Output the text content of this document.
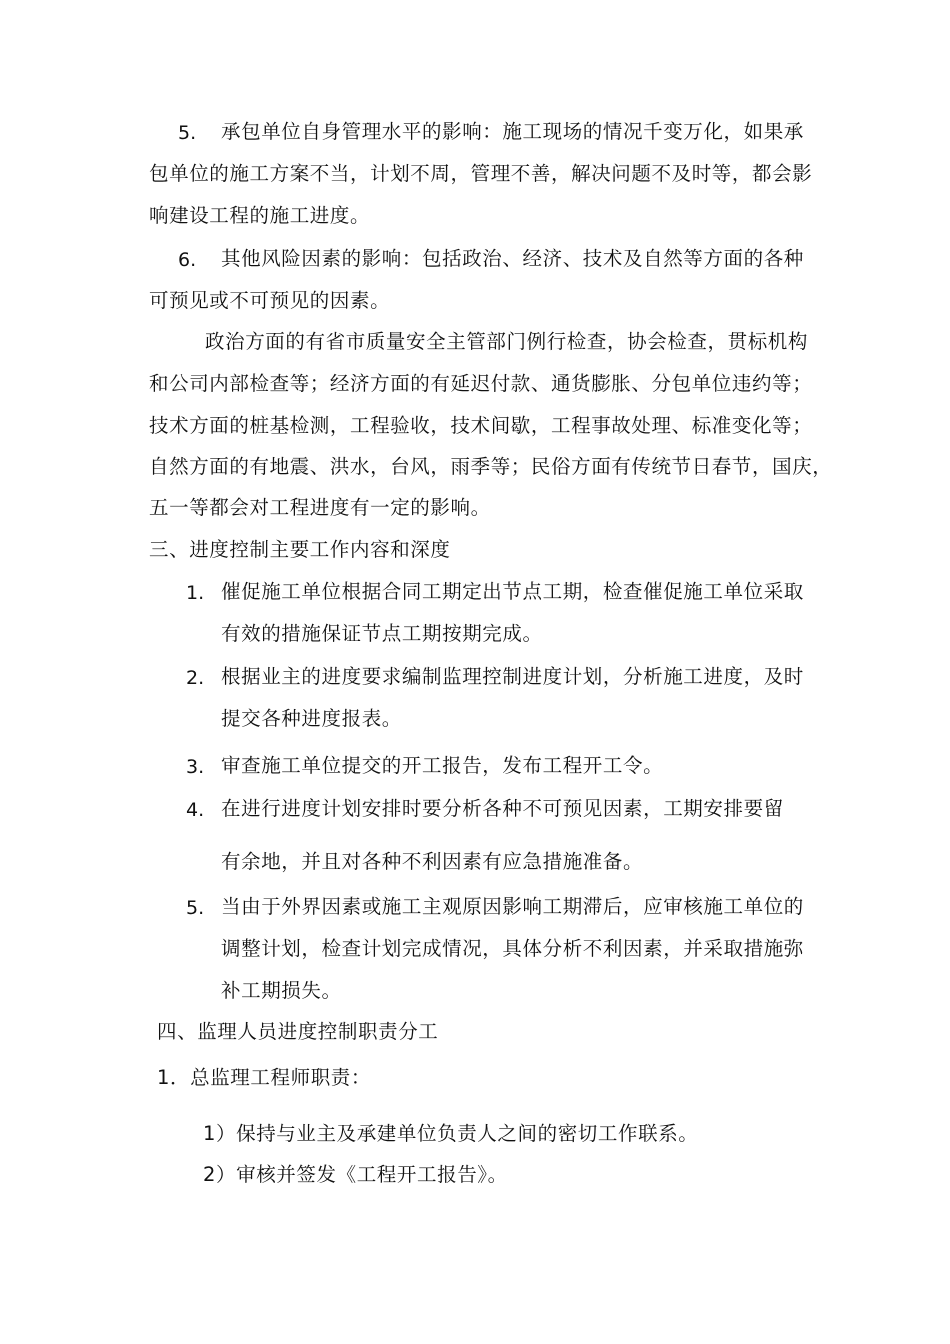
5. 承包单位自身管理水平的影响：施工现场的情况千变万化，如果承
包单位的施工方案不当，计划不周，管理不善，解决问题不及时等，都会影
响建设工程的施工进度。
6. 其他风险因素的影响：包括政治、经济、技术及自然等方面的各种
可预见或不可预见的因素。
政治方面的有省市质量安全主管部门例行检查，协会检查，贯标机构
和公司内部检查等；经济方面的有延迟付款、通货膨胀、分包单位违约等；
技术方面的桩基检测，工程验收，技术间歇，工程事故处理、标准变化等；
自然方面的有地震、洪水，台风，雨季等；民俗方面有传统节日春节，国庆，
五一等都会对工程进度有一定的影响。
三、进度控制主要工作内容和深度
1. 催促施工单位根据合同工期定出节点工期，检查催促施工单位采取
有效的措施保证节点工期按期完成。
2. 根据业主的进度要求编制监理控制进度计划，分析施工进度，及时
提交各种进度报表。
3. 审查施工单位提交的开工报告，发布工程开工令。
4. 在进行进度计划安排时要分析各种不可预见因素，工期安排要留
有余地，并且对各种不利因素有应急措施准备。
5. 当由于外界因素或施工主观原因影响工期滞后，应审核施工单位的
调整计划，检查计划完成情况，具体分析不利因素，并采取措施弥
补工期损失。
四、监理人员进度控制职责分工
1．总监理工程师职责：
1）保持与业主及承建单位负责人之间的密切工作联系。
2）审核并签发《工程开工报告》。
